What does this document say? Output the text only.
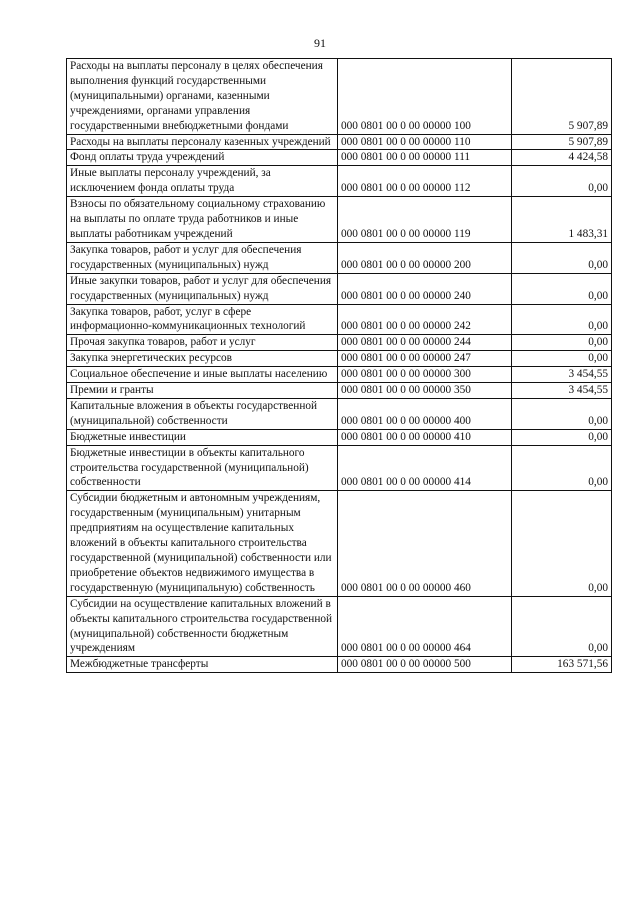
91
Расходы на выплаты персоналу в целях обеспечения выполнения функций государственными (муниципальными) органами, казенными учреждениями, органами управления государственными внебюджетными фондами	000 0801 00 0 00 00000 100	5 907,89
Расходы на выплаты персоналу казенных учреждений	000 0801 00 0 00 00000 110	5 907,89
Фонд оплаты труда учреждений	000 0801 00 0 00 00000 111	4 424,58
Иные выплаты персоналу учреждений, за исключением фонда оплаты труда	000 0801 00 0 00 00000 112	0,00
Взносы по обязательному социальному страхованию на выплаты по оплате труда работников и иные выплаты работникам учреждений	000 0801 00 0 00 00000 119	1 483,31
Закупка товаров, работ и услуг для обеспечения государственных (муниципальных) нужд	000 0801 00 0 00 00000 200	0,00
Иные закупки товаров, работ и услуг для обеспечения государственных (муниципальных) нужд	000 0801 00 0 00 00000 240	0,00
Закупка товаров, работ, услуг в сфере информационно-коммуникационных технологий	000 0801 00 0 00 00000 242	0,00
Прочая закупка товаров, работ и услуг	000 0801 00 0 00 00000 244	0,00
Закупка энергетических ресурсов	000 0801 00 0 00 00000 247	0,00
Социальное обеспечение и иные выплаты населению	000 0801 00 0 00 00000 300	3 454,55
Премии и гранты	000 0801 00 0 00 00000 350	3 454,55
Капитальные вложения в объекты государственной (муниципальной) собственности	000 0801 00 0 00 00000 400	0,00
Бюджетные инвестиции	000 0801 00 0 00 00000 410	0,00
Бюджетные инвестиции в объекты капитального строительства государственной (муниципальной) собственности	000 0801 00 0 00 00000 414	0,00
Субсидии бюджетным и автономным учреждениям, государственным (муниципальным) унитарным предприятиям на осуществление капитальных вложений в объекты капитального строительства государственной (муниципальной) собственности или приобретение объектов недвижимого имущества в государственную (муниципальную) собственность	000 0801 00 0 00 00000 460	0,00
Субсидии на осуществление капитальных вложений в объекты капитального строительства государственной (муниципальной) собственности бюджетным учреждениям	000 0801 00 0 00 00000 464	0,00
Межбюджетные трансферты	000 0801 00 0 00 00000 500	163 571,56
